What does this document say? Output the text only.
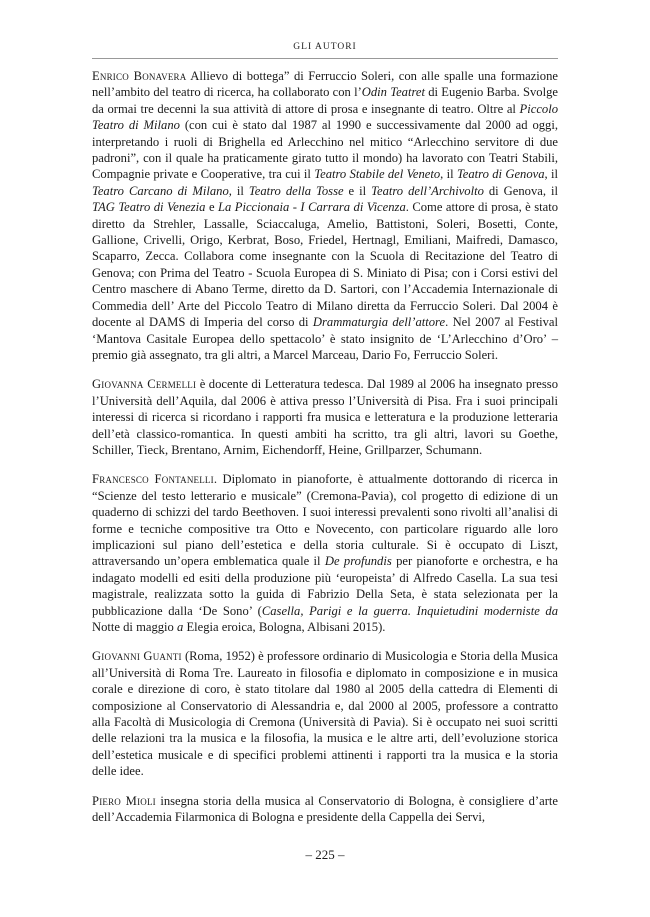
GLI AUTORI

Enrico Bonavera Allievo di bottega” di Ferruccio Soleri, con alle spalle una formazione nell’ambito del teatro di ricerca, ha collaborato con l’Odin Teatret di Eugenio Barba. Svolge da ormai tre decenni la sua attività di attore di prosa e insegnante di teatro. Oltre al Piccolo Teatro di Milano (con cui è stato dal 1987 al 1990 e successivamente dal 2000 ad oggi, interpretando i ruoli di Brighella ed Arlecchino nel mitico “Arlecchino servitore di due padroni”, con il quale ha praticamente girato tutto il mondo) ha lavorato con Teatri Stabili, Compagnie private e Cooperative, tra cui il Teatro Stabile del Veneto, il Teatro di Genova, il Teatro Carcano di Milano, il Teatro della Tosse e il Teatro dell’Archivolto di Genova, il TAG Teatro di Venezia e La Piccionaia - I Carrara di Vicenza. Come attore di prosa, è stato diretto da Strehler, Lassalle, Sciaccaluga, Amelio, Battistoni, Soleri, Bosetti, Conte, Gallione, Crivelli, Origo, Kerbrat, Boso, Friedel, Hertnagl, Emiliani, Maifredi, Damasco, Scaparro, Zecca. Collabora come insegnante con la Scuola di Recitazione del Teatro di Genova; con Prima del Teatro - Scuola Europea di S. Miniato di Pisa; con i Corsi estivi del Centro maschere di Abano Terme, diretto da D. Sartori, con l’Accademia Internazionale di Commedia dell’ Arte del Piccolo Teatro di Milano diretta da Ferruccio Soleri. Dal 2004 è docente al DAMS di Imperia del corso di Drammaturgia dell’attore. Nel 2007 al Festival ‘Mantova Casitale Europea dello spettacolo’ è stato insignito de ‘L’Arlecchino d’Oro’ – premio già assegnato, tra gli altri, a Marcel Marceau, Dario Fo, Ferruccio Soleri.

Giovanna Cermelli è docente di Letteratura tedesca. Dal 1989 al 2006 ha insegnato presso l’Università dell’Aquila, dal 2006 è attiva presso l’Università di Pisa. Fra i suoi principali interessi di ricerca si ricordano i rapporti fra musica e letteratura e la produzione letteraria dell’età classico-romantica. In questi ambiti ha scritto, tra gli altri, lavori su Goethe, Schiller, Tieck, Brentano, Arnim, Eichendorff, Heine, Grillparzer, Schumann.

Francesco Fontanelli. Diplomato in pianoforte, è attualmente dottorando di ricerca in “Scienze del testo letterario e musicale” (Cremona-Pavia), col progetto di edizione di un quaderno di schizzi del tardo Beethoven. I suoi interessi prevalenti sono rivolti all’analisi di forme e tecniche compositive tra Otto e Novecento, con particolare riguardo alle loro implicazioni sul piano dell’estetica e della storia culturale. Si è occupato di Liszt, attraversando un’opera emblematica quale il De profundis per pianoforte e orchestra, e ha indagato modelli ed esiti della produzione più ‘europeista’ di Alfredo Casella. La sua tesi magistrale, realizzata sotto la guida di Fabrizio Della Seta, è stata selezionata per la pubblicazione dalla ‘De Sono’ (Casella, Parigi e la guerra. Inquietudini moderniste da Notte di maggio a Elegia eroica, Bologna, Albisani 2015).

Giovanni Guanti (Roma, 1952) è professore ordinario di Musicologia e Storia della Musica all’Università di Roma Tre. Laureato in filosofia e diplomato in composizione e in musica corale e direzione di coro, è stato titolare dal 1980 al 2005 della cattedra di Elementi di composizione al Conservatorio di Alessandria e, dal 2000 al 2005, professore a contratto alla Facoltà di Musicologia di Cremona (Università di Pavia). Si è occupato nei suoi scritti delle relazioni tra la musica e la filosofia, la musica e le altre arti, dell’evoluzione storica dell’estetica musicale e di specifici problemi attinenti i rapporti tra la musica e la storia delle idee.

Piero Mioli insegna storia della musica al Conservatorio di Bologna, è consigliere d’arte dell’Accademia Filarmonica di Bologna e presidente della Cappella dei Servi,

– 225 –
